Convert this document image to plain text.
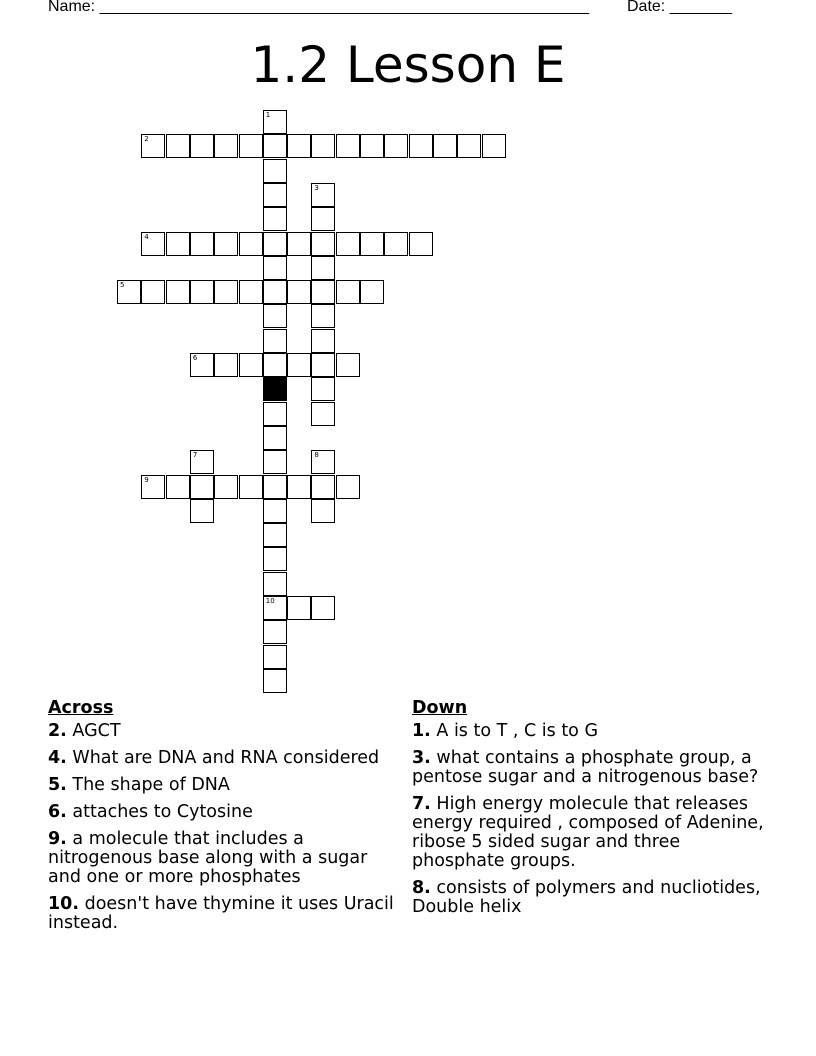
Name: _______________________________________________________ Date: _______
1.2 Lesson E
1
10
2
3
4
5
6
7	8
9
Across
2. AGCT
4. What are DNA and RNA considered
5. The shape of DNA
6. attaches to Cytosine
9. a molecule that includes a nitrogenous base along with a sugar and one or more phosphates
10. doesn't have thymine it uses Uracil instead.
Down
1. A is to T , C is to G
3. what contains a phosphate group, a pentose sugar and a nitrogenous base?
7. High energy molecule that releases energy required , composed of Adenine, ribose 5 sided sugar and three phosphate groups.
8. consists of polymers and nucliotides, Double helix
